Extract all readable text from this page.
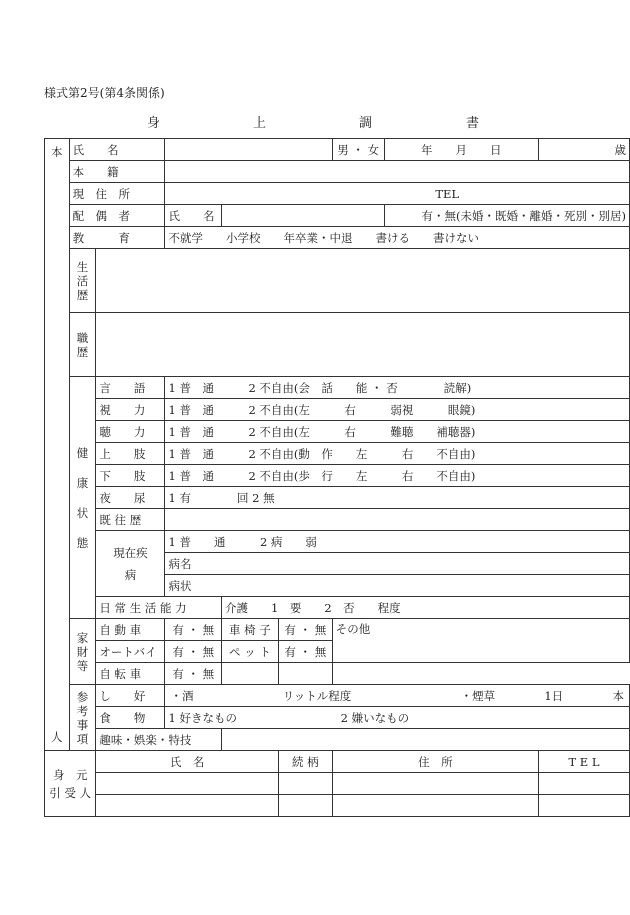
様式第2号(第4条関係)
身	上	調	書
本
人	氏　　名					男 ・ 女	年　　月　　日	歳
	本　　籍							
	現　住　所		TEL					
	配　偶　者		氏　　名				有・無(未婚・既婚・離婚・死別・別居)	
	教　　　育		不就学　　小学校　　年卒業・中退　　書ける　　書けない					
	生活歴							
	職歴							
	健康状態	言　　語	1 普　通　　　2 不自由(会　話　　能 ・ 否　　　　読解)					
		視　　力	1 普　通　　　2 不自由(左　　　右　　　弱視　　　眼鏡)					
		聴　　力	1 普　通　　　2 不自由(左　　　右　　　難聴　　補聴器)					
		上　　肢	1 普　通　　　2 不自由(動　作　　左　　　右　　不自由)					
		下　　肢	1 普　通　　　2 不自由(歩　行　　左　　　右　　不自由)					
		夜　　尿	1 有　　　　回 2 無					
		既 往 歴						
		現在疾病	1 普　　通　　　2 病　　弱					
			病名					
			病状					
		日 常 生 活 能 力		介護　　1　要　　2　否　　程度				
	家財等	自 動 車	有 ・ 無	車 椅 子	有 ・ 無	その他		
		オートバイ	有 ・ 無	ペ ッ ト	有 ・ 無			
		自 転 車	有 ・ 無					
	参考事項	し　　好	・酒 リットル程度 ・煙草 1日 本					

		食　　物	1 好きなもの 2 嫌いなもの					
		趣味・娯楽・特技						

身　元
引 受 人		氏　名			続 柄	住　所		T E L
